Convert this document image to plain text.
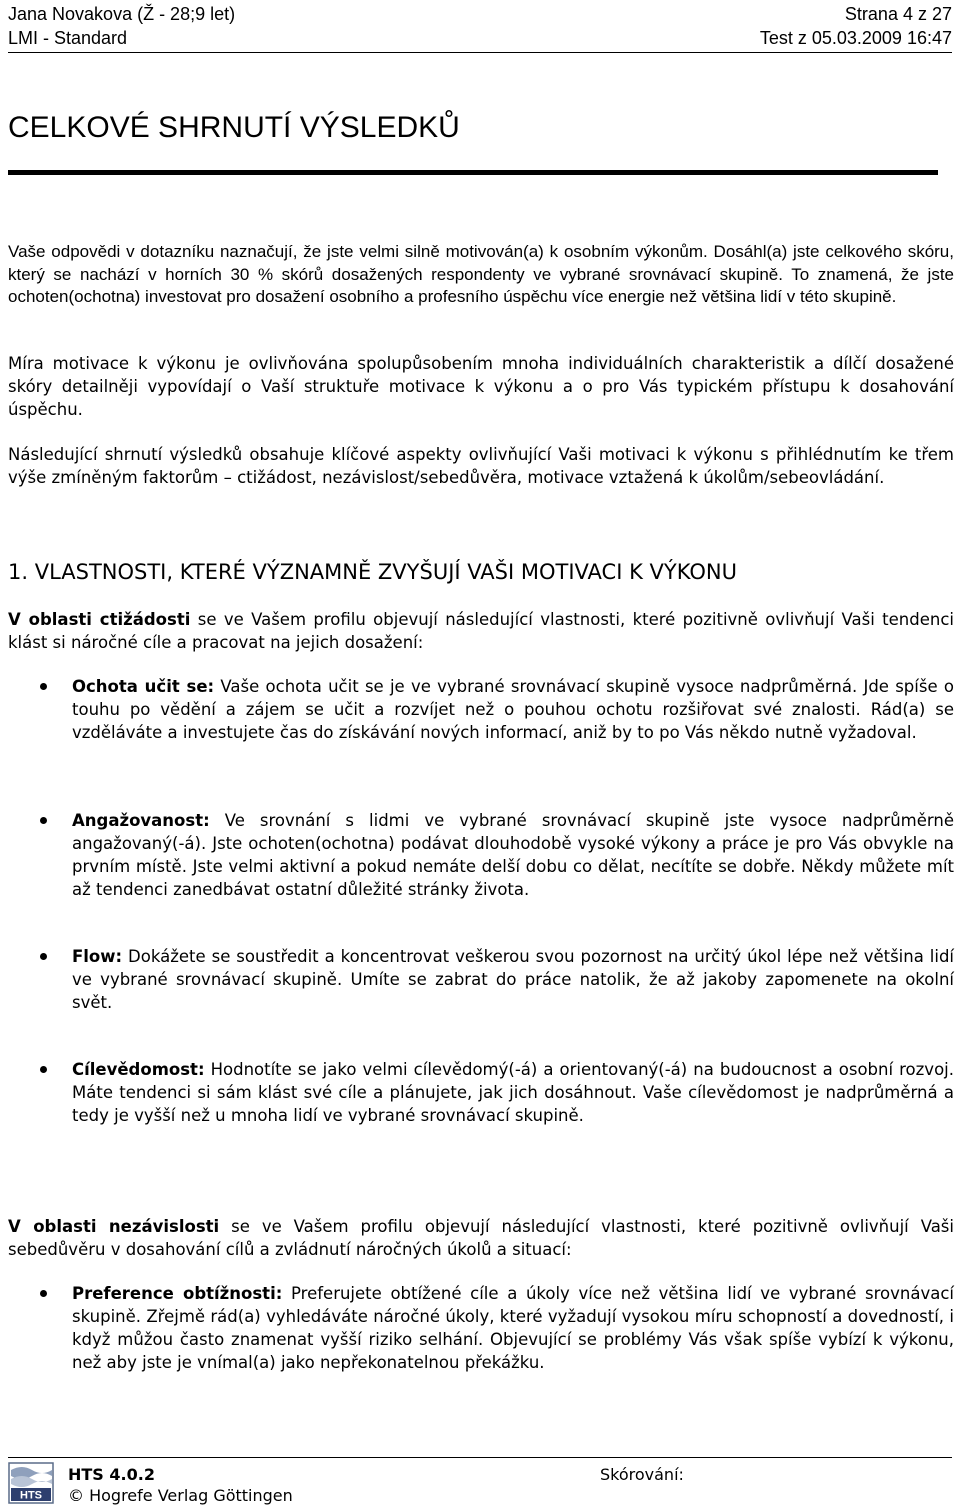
Jana Novakova (Ž - 28;9 let)	Strana 4 z 27
LMI - Standard	Test z 05.03.2009 16:47
CELKOVÉ SHRNUTÍ VÝSLEDKŮ

Vaše odpovědi v dotazníku naznačují, že jste velmi silně motivován(a) k osobním výkonům. Dosáhl(a) jste celkového skóru, který se nachází v horních 30 % skórů dosažených respondenty ve vybrané srovnávací skupině. To znamená, že jste ochoten(ochotna) investovat pro dosažení osobního a profesního úspěchu více energie než většina lidí v této skupině.

Míra motivace k výkonu je ovlivňována spolupůsobením mnoha individuálních charakteristik a dílčí dosažené skóry detailněji vypovídají o Vaší struktuře motivace k výkonu a o pro Vás typickém přístupu k dosahování úspěchu.

Následující shrnutí výsledků obsahuje klíčové aspekty ovlivňující Vaši motivaci k výkonu s přihlédnutím ke třem výše zmíněným faktorům – ctižádost, nezávislost/sebedůvěra, motivace vztažená k úkolům/sebeovládání.

1. VLASTNOSTI, KTERÉ VÝZNAMNĚ ZVYŠUJÍ VAŠI MOTIVACI K VÝKONU

V oblasti ctižádosti se ve Vašem profilu objevují následující vlastnosti, které pozitivně ovlivňují Vaši tendenci klást si náročné cíle a pracovat na jejich dosažení:

Ochota učit se: Vaše ochota učit se je ve vybrané srovnávací skupině vysoce nadprůměrná. Jde spíše o touhu po vědění a zájem se učit a rozvíjet než o pouhou ochotu rozšiřovat své znalosti. Rád(a) se vzděláváte a investujete čas do získávání nových informací, aniž by to po Vás někdo nutně vyžadoval.

Angažovanost: Ve srovnání s lidmi ve vybrané srovnávací skupině jste vysoce nadprůměrně angažovaný(-á). Jste ochoten(ochotna) podávat dlouhodobě vysoké výkony a práce je pro Vás obvykle na prvním místě. Jste velmi aktivní a pokud nemáte delší dobu co dělat, necítíte se dobře. Někdy můžete mít až tendenci zanedbávat ostatní důležité stránky života.

Flow: Dokážete se soustředit a koncentrovat veškerou svou pozornost na určitý úkol lépe než většina lidí ve vybrané srovnávací skupině. Umíte se zabrat do práce natolik, že až jakoby zapomenete na okolní svět.

Cílevědomost: Hodnotíte se jako velmi cílevědomý(-á) a orientovaný(-á) na budoucnost a osobní rozvoj. Máte tendenci si sám klást své cíle a plánujete, jak jich dosáhnout. Vaše cílevědomost je nadprůměrná a tedy je vyšší než u mnoha lidí ve vybrané srovnávací skupině.

V oblasti nezávislosti se ve Vašem profilu objevují následující vlastnosti, které pozitivně ovlivňují Vaši sebedůvěru v dosahování cílů a zvládnutí náročných úkolů a situací:

Preference obtížnosti: Preferujete obtížené cíle a úkoly více než většina lidí ve vybrané srovnávací skupině. Zřejmě rád(a) vyhledáváte náročné úkoly, které vyžadují vysokou míru schopností a dovedností, i když můžou často znamenat vyšší riziko selhání. Objevující se problémy Vás však spíše vybízí k výkonu, než aby jste je vnímal(a) jako nepřekonatelnou překážku.

HTS
HTS 4.0.2
© Hogrefe Verlag Göttingen
Skórování:
